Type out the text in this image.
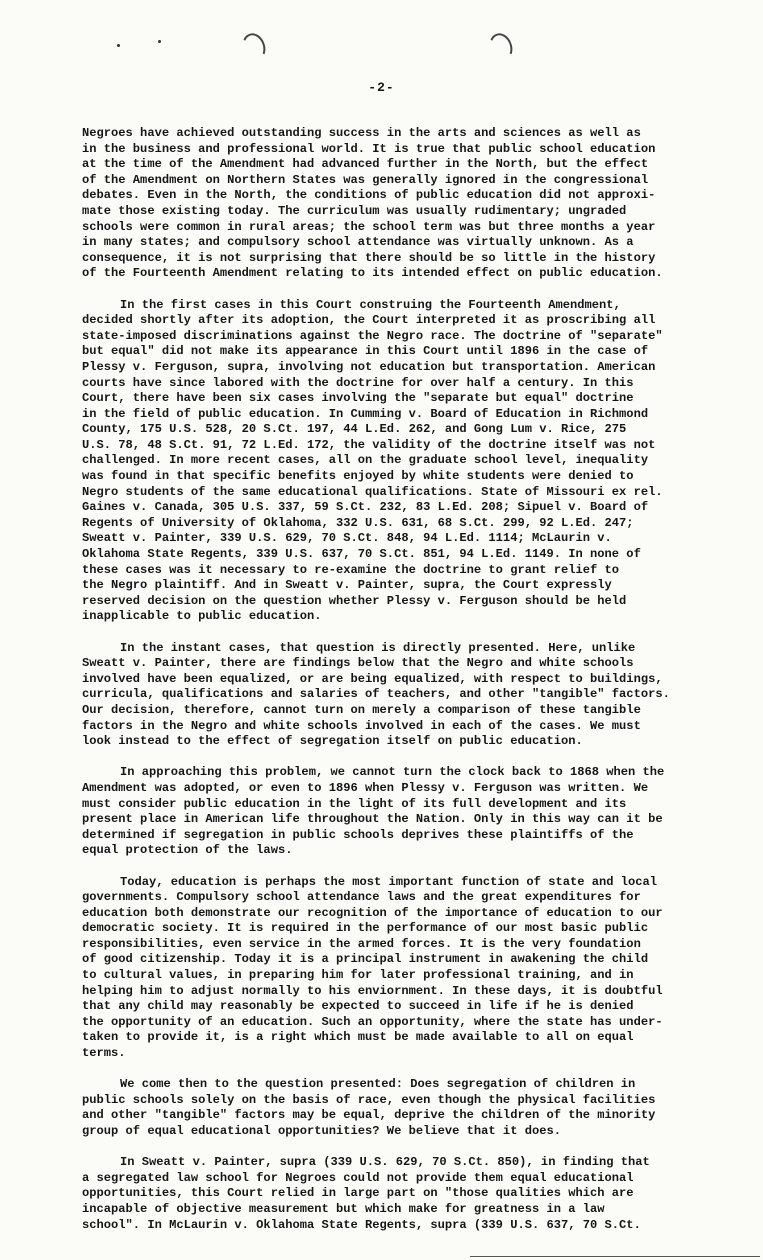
-2-

Negroes have achieved outstanding success in the arts and sciences as well as
in the business and professional world. It is true that public school education
at the time of the Amendment had advanced further in the North, but the effect
of the Amendment on Northern States was generally ignored in the congressional
debates. Even in the North, the conditions of public education did not approxi-
mate those existing today. The curriculum was usually rudimentary; ungraded
schools were common in rural areas; the school term was but three months a year
in many states; and compulsory school attendance was virtually unknown. As a
consequence, it is not surprising that there should be so little in the history
of the Fourteenth Amendment relating to its intended effect on public education.

In the first cases in this Court construing the Fourteenth Amendment,
decided shortly after its adoption, the Court interpreted it as proscribing all
state-imposed discriminations against the Negro race. The doctrine of "separate"
but equal" did not make its appearance in this Court until 1896 in the case of
Plessy v. Ferguson, supra, involving not education but transportation. American
courts have since labored with the doctrine for over half a century. In this
Court, there have been six cases involving the "separate but equal" doctrine
in the field of public education. In Cumming v. Board of Education in Richmond
County, 175 U.S. 528, 20 S.Ct. 197, 44 L.Ed. 262, and Gong Lum v. Rice, 275
U.S. 78, 48 S.Ct. 91, 72 L.Ed. 172, the validity of the doctrine itself was not
challenged. In more recent cases, all on the graduate school level, inequality
was found in that specific benefits enjoyed by white students were denied to
Negro students of the same educational qualifications. State of Missouri ex rel.
Gaines v. Canada, 305 U.S. 337, 59 S.Ct. 232, 83 L.Ed. 208; Sipuel v. Board of
Regents of University of Oklahoma, 332 U.S. 631, 68 S.Ct. 299, 92 L.Ed. 247;
Sweatt v. Painter, 339 U.S. 629, 70 S.Ct. 848, 94 L.Ed. 1114; McLaurin v.
Oklahoma State Regents, 339 U.S. 637, 70 S.Ct. 851, 94 L.Ed. 1149. In none of
these cases was it necessary to re-examine the doctrine to grant relief to
the Negro plaintiff. And in Sweatt v. Painter, supra, the Court expressly
reserved decision on the question whether Plessy v. Ferguson should be held
inapplicable to public education.

In the instant cases, that question is directly presented. Here, unlike
Sweatt v. Painter, there are findings below that the Negro and white schools
involved have been equalized, or are being equalized, with respect to buildings,
curricula, qualifications and salaries of teachers, and other "tangible" factors.
Our decision, therefore, cannot turn on merely a comparison of these tangible
factors in the Negro and white schools involved in each of the cases. We must
look instead to the effect of segregation itself on public education.

In approaching this problem, we cannot turn the clock back to 1868 when the
Amendment was adopted, or even to 1896 when Plessy v. Ferguson was written. We
must consider public education in the light of its full development and its
present place in American life throughout the Nation. Only in this way can it be
determined if segregation in public schools deprives these plaintiffs of the
equal protection of the laws.

Today, education is perhaps the most important function of state and local
governments. Compulsory school attendance laws and the great expenditures for
education both demonstrate our recognition of the importance of education to our
democratic society. It is required in the performance of our most basic public
responsibilities, even service in the armed forces. It is the very foundation
of good citizenship. Today it is a principal instrument in awakening the child
to cultural values, in preparing him for later professional training, and in
helping him to adjust normally to his enviornment. In these days, it is doubtful
that any child may reasonably be expected to succeed in life if he is denied
the opportunity of an education. Such an opportunity, where the state has under-
taken to provide it, is a right which must be made available to all on equal
terms.

We come then to the question presented: Does segregation of children in
public schools solely on the basis of race, even though the physical facilities
and other "tangible" factors may be equal, deprive the children of the minority
group of equal educational opportunities? We believe that it does.

In Sweatt v. Painter, supra (339 U.S. 629, 70 S.Ct. 850), in finding that
a segregated law school for Negroes could not provide them equal educational
opportunities, this Court relied in large part on "those qualities which are
incapable of objective measurement but which make for greatness in a law
school". In McLaurin v. Oklahoma State Regents, supra (339 U.S. 637, 70 S.Ct.
